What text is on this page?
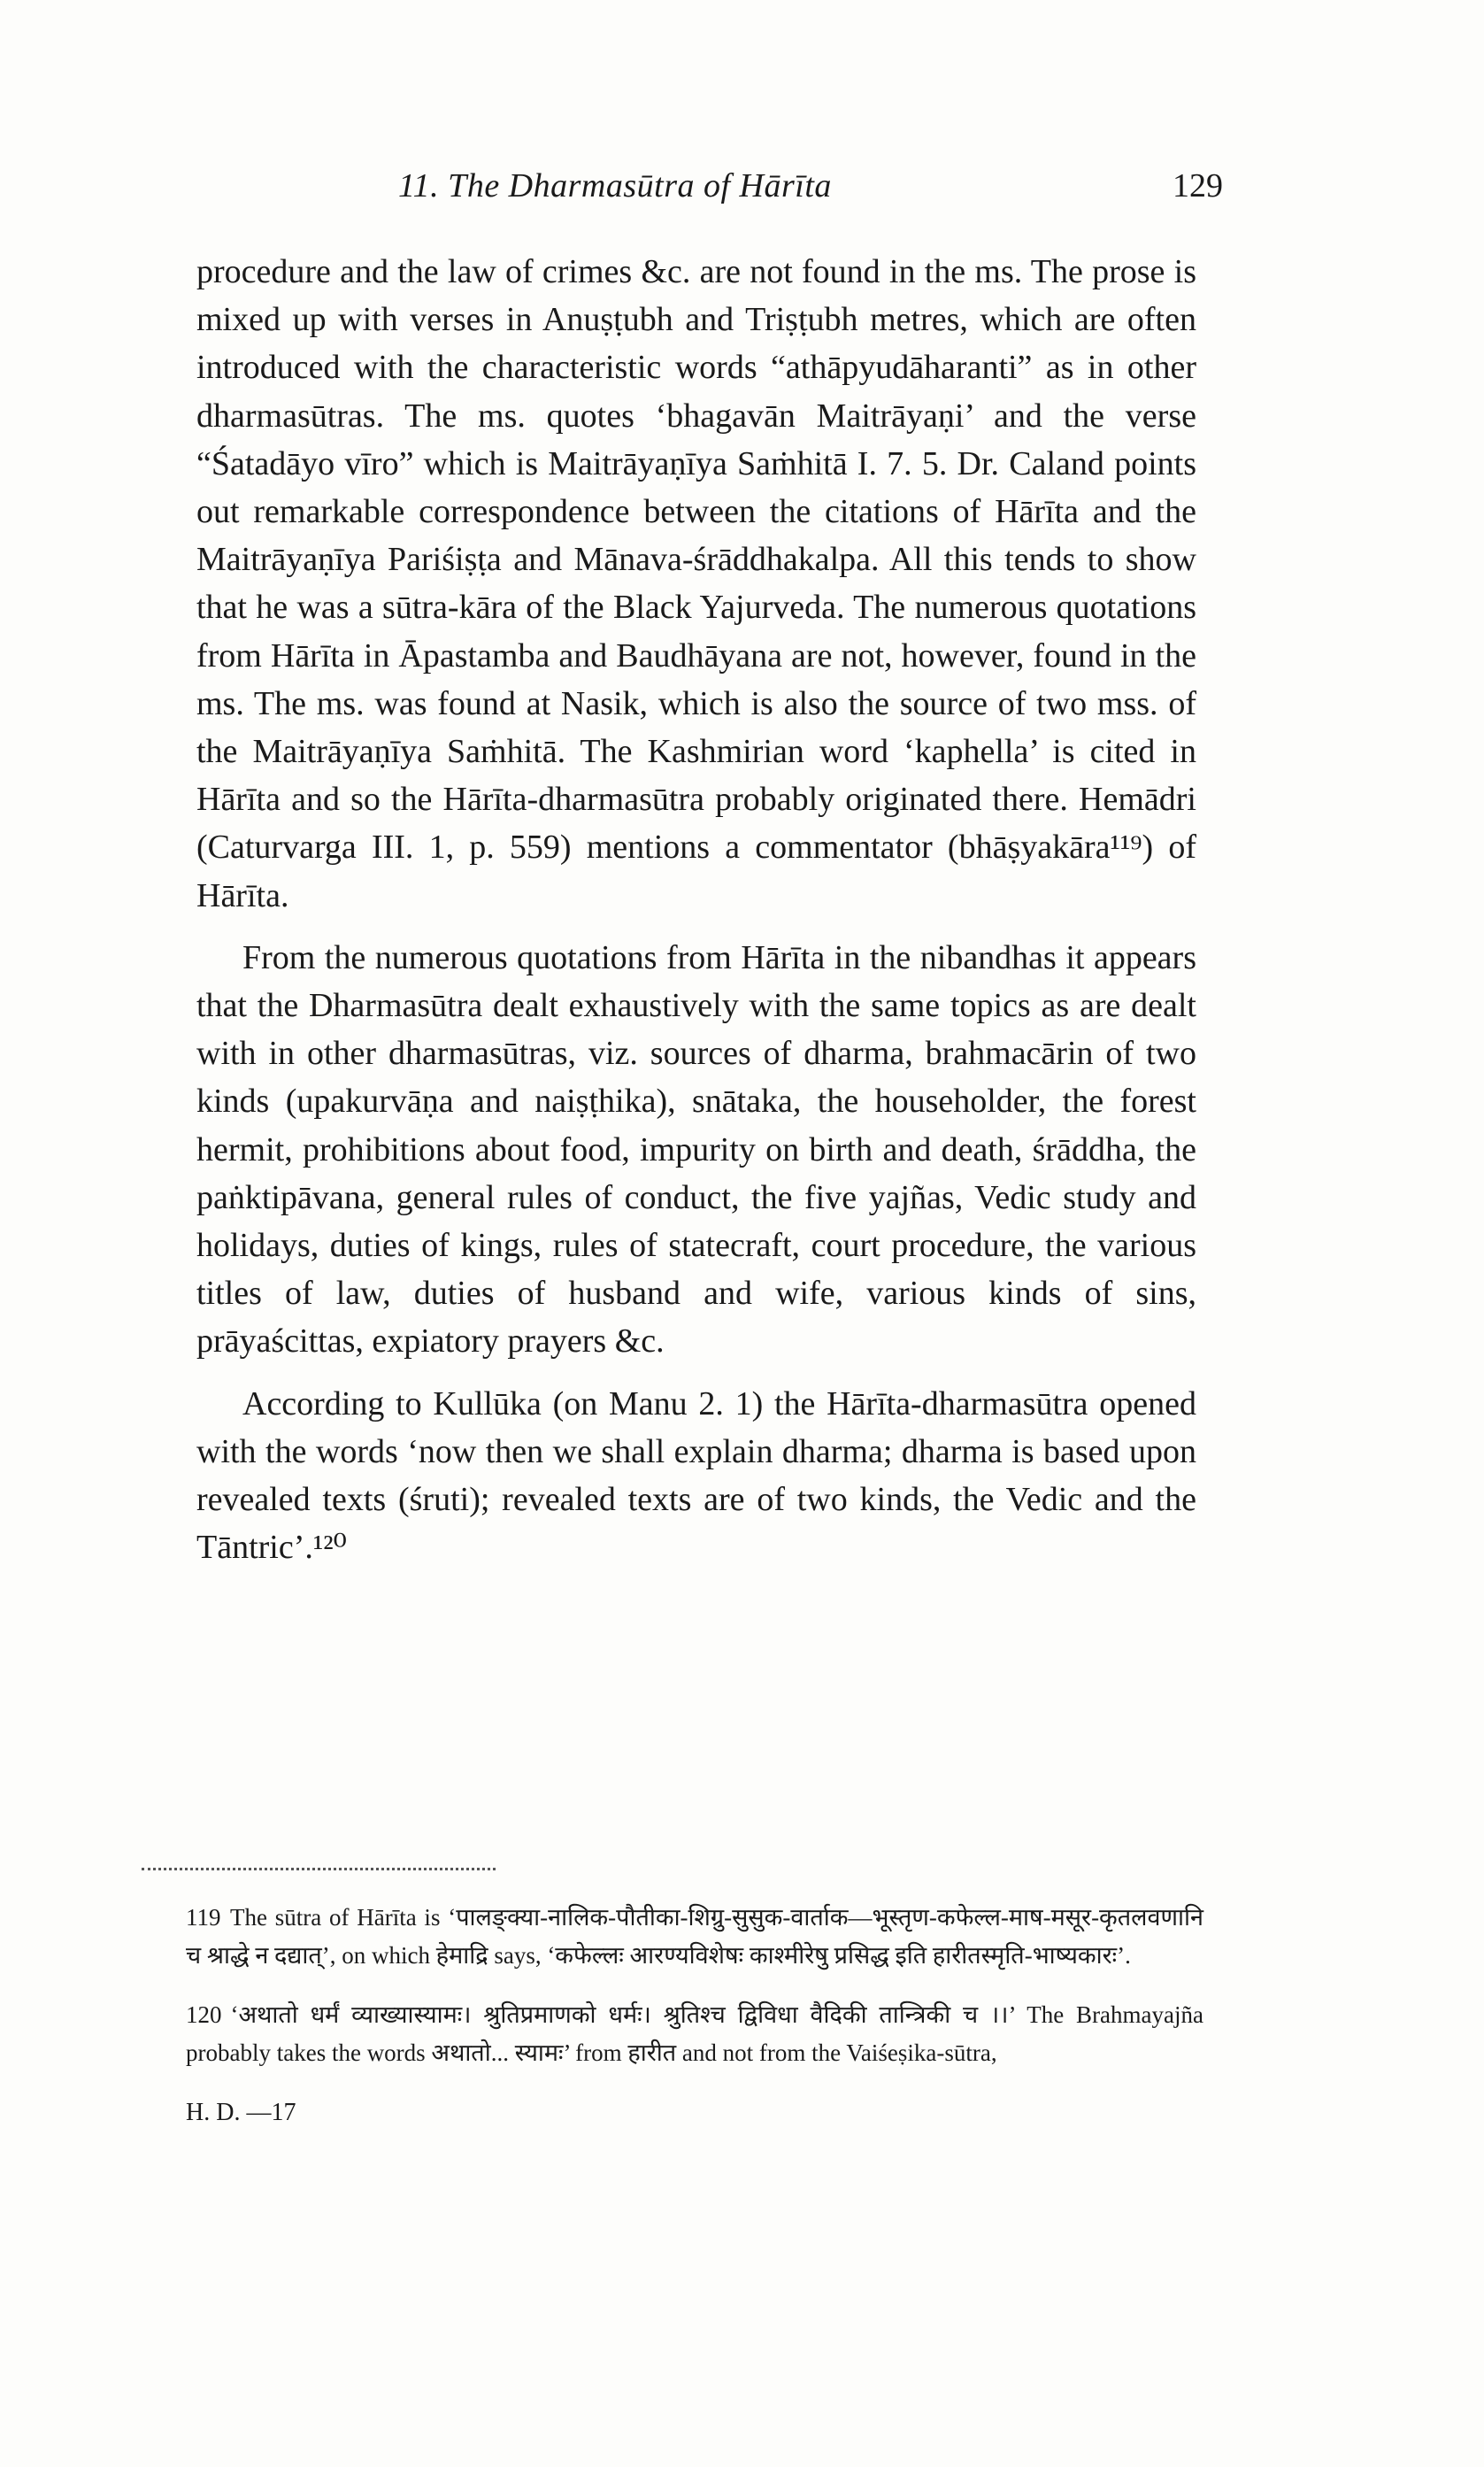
11. The Dharmasūtra of Hārīta	129

procedure and the law of crimes &c. are not found in the ms. The prose is mixed up with verses in Anuṣṭubh and Triṣṭubh metres, which are often introduced with the characteristic words “athāpyudāharanti” as in other dharmasūtras. The ms. quotes ‘bhagavān Maitrāyaṇi’ and the verse “Śatadāyo vīro” which is Maitrāyaṇīya Saṁhitā I. 7. 5. Dr. Caland points out remarkable correspondence between the citations of Hārīta and the Maitrāyaṇīya Pariśiṣṭa and Mānava-śrāddhakalpa. All this tends to show that he was a sūtra-kāra of the Black Yajurveda. The numerous quotations from Hārīta in Āpastamba and Baudhāyana are not, however, found in the ms. The ms. was found at Nasik, which is also the source of two mss. of the Maitrāyaṇīya Saṁhitā. The Kashmirian word ‘kaphella’ is cited in Hārīta and so the Hārīta-dharmasūtra probably originated there. Hemādri (Caturvarga III. 1, p. 559) mentions a commentator (bhāṣyakāra¹¹⁹) of Hārīta.

From the numerous quotations from Hārīta in the nibandhas it appears that the Dharmasūtra dealt exhaustively with the same topics as are dealt with in other dharmasūtras, viz. sources of dharma, brahmacārin of two kinds (upakurvāṇa and naiṣṭhika), snātaka, the householder, the forest hermit, prohibitions about food, impurity on birth and death, śrāddha, the paṅktipāvana, general rules of conduct, the five yajñas, Vedic study and holidays, duties of kings, rules of statecraft, court procedure, the various titles of law, duties of husband and wife, various kinds of sins, prāyaścittas, expiatory prayers &c.

According to Kullūka (on Manu 2. 1) the Hārīta-dharmasūtra opened with the words ‘now then we shall explain dharma; dharma is based upon revealed texts (śruti); revealed texts are of two kinds, the Vedic and the Tāntric’.¹²⁰

119 The sūtra of Hārīta is ‘पालङ्क्या-नालिक-पौतीका-शिग्रु-सुसुक-वार्ताक—भूस्तृण-कफेल्ल-माष-मसूर-कृतलवणानि च श्राद्धे न दद्यात्’, on which हेमाद्रि says, ‘कफेल्लः आरण्यविशेषः काश्मीरेषु प्रसिद्ध इति हारीतस्मृति-भाष्यकारः’.

120 ‘अथातो धर्मं व्याख्यास्यामः। श्रुतिप्रमाणको धर्मः। श्रुतिश्च द्विविधा वैदिकी तान्त्रिकी च ।।’ The Brahmayajña probably takes the words अथातो... स्यामः’ from हारीत and not from the Vaiśeṣika-sūtra,

H. D. —17
